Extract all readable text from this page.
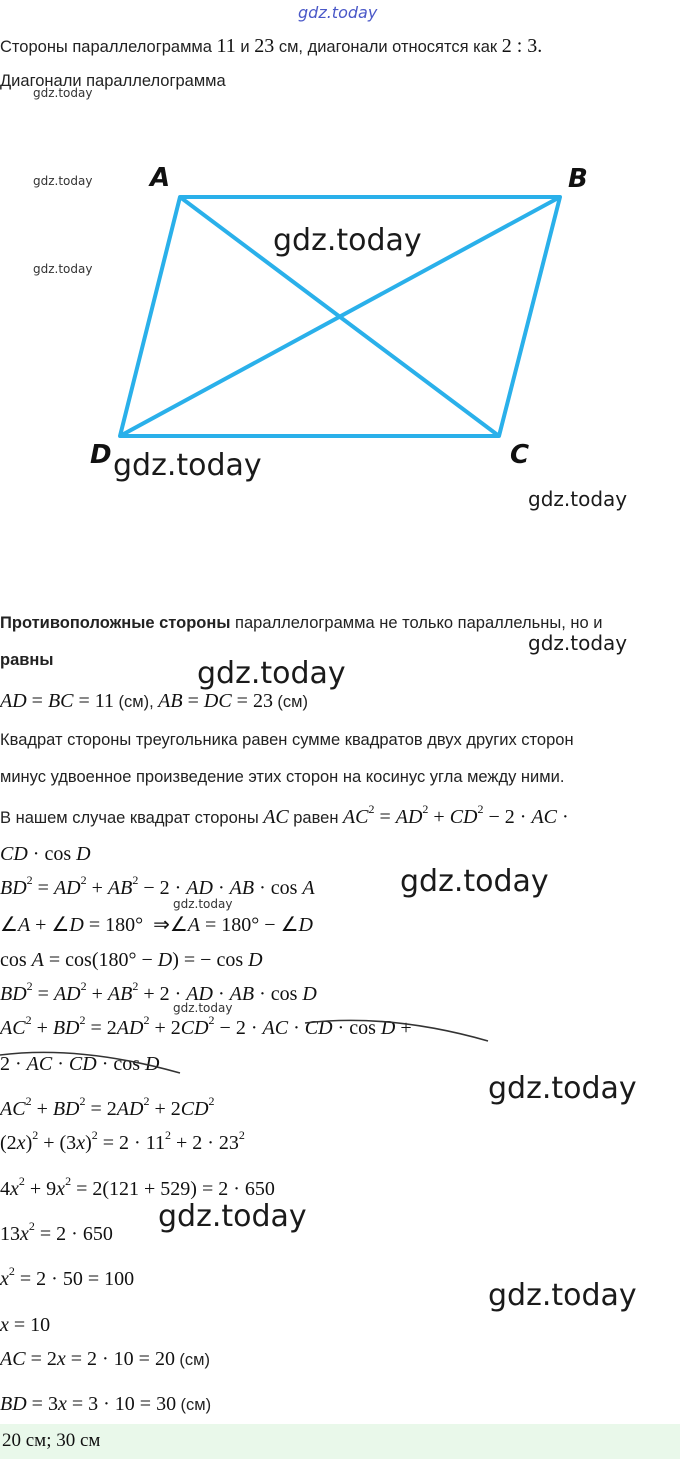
gdz.today
Стороны параллелограмма 11 и 23 см, диагонали относятся как 2 : 3.
Диагонали параллелограмма
gdz.today
gdz.today
gdz.today
A	B
C
D
gdz.today
gdz.today
gdz.today
Противоположные стороны параллелограмма не только параллельны, но и
gdz.today
равны	gdz.today
AD = BC = 11 (см), AB = DC = 23 (см)
Квадрат стороны треугольника равен сумме квадратов двух других сторон
минус удвоенное произведение этих сторон на косинус угла между ними.
В нашем случае квадрат стороны AC равен $AC^2 = AD^2 + CD^2 - 2$ · AC ·
CD · cos D
$BD^2 = AD^2 + AB^2 - 2$ · AD · AB · cos A	gdz.today
gdz.today
∠A + ∠D = 180°  ⇒∠A = 180° − ∠D
cos A = cos(180° − D) = − cos D
$BD^2 = AD^2 + AB^2 + 2$ · AD · AB · cos D
gdz.today
$AC^2 + BD^2 = 2AD^2 + 2CD^2 - 2$ · AC · CD · cos D +
2 · AC · CD · cos D
gdz.today
$AC^2 + BD^2 = 2AD^2 + 2CD^2$
$(2x)^2 + (3x)^2 = 2 \cdot 11^2 + 2 \cdot 23^2$
$4x^2 + 9x^2 = 2(121 + 529) = 2 \cdot 650$
gdz.today
$13x^2 = 2 \cdot 650$
$x^2 = 2 \cdot 50 = 100$	gdz.today
x = 10
AC = 2x = 2 · 10 = 20 (см)
BD = 3x = 3 · 10 = 30 (см)
20 см; 30 см
